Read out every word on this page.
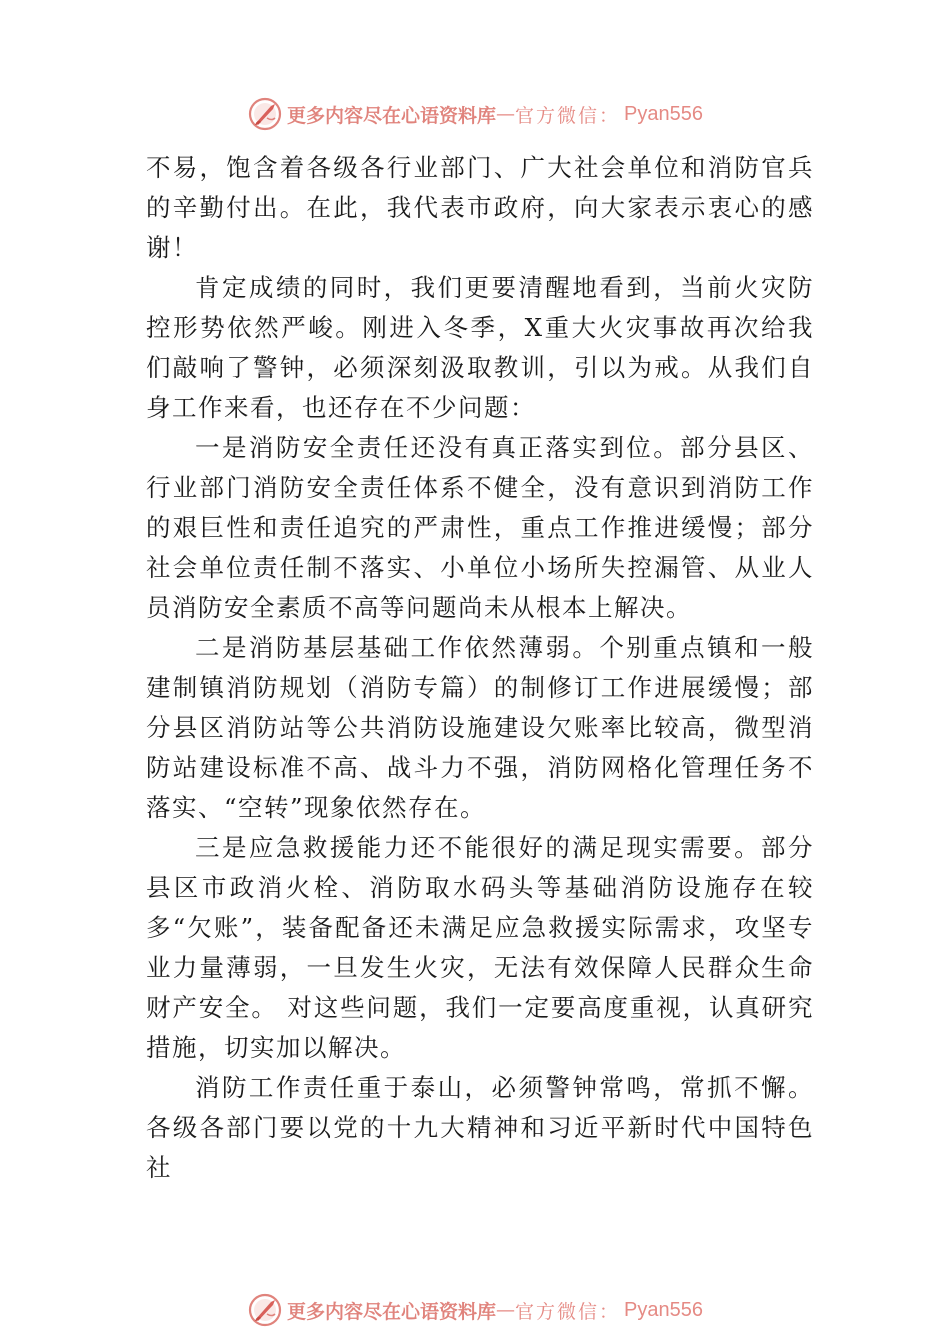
更多内容尽在心语资料库 — 官方微信： Pyan556

不易，饱含着各级各行业部门、广大社会单位和消防官兵的辛勤付出。在此，我代表市政府，向大家表示衷心的感谢！

肯定成绩的同时，我们更要清醒地看到，当前火灾防控形势依然严峻。刚进入冬季，X重大火灾事故再次给我们敲响了警钟，必须深刻汲取教训，引以为戒。从我们自身工作来看，也还存在不少问题：

一是消防安全责任还没有真正落实到位。部分县区、行业部门消防安全责任体系不健全，没有意识到消防工作的艰巨性和责任追究的严肃性，重点工作推进缓慢；部分社会单位责任制不落实、小单位小场所失控漏管、从业人员消防安全素质不高等问题尚未从根本上解决。

二是消防基层基础工作依然薄弱。个别重点镇和一般建制镇消防规划（消防专篇）的制修订工作进展缓慢；部分县区消防站等公共消防设施建设欠账率比较高，微型消防站建设标准不高、战斗力不强，消防网格化管理任务不落实、“空转”现象依然存在。

三是应急救援能力还不能很好的满足现实需要。部分县区市政消火栓、消防取水码头等基础消防设施存在较多“欠账”，装备配备还未满足应急救援实际需求，攻坚专业力量薄弱，一旦发生火灾，无法有效保障人民群众生命财产安全。 对这些问题，我们一定要高度重视，认真研究措施，切实加以解决。

消防工作责任重于泰山，必须警钟常鸣，常抓不懈。各级各部门要以党的十九大精神和习近平新时代中国特色社

更多内容尽在心语资料库 — 官方微信： Pyan556
